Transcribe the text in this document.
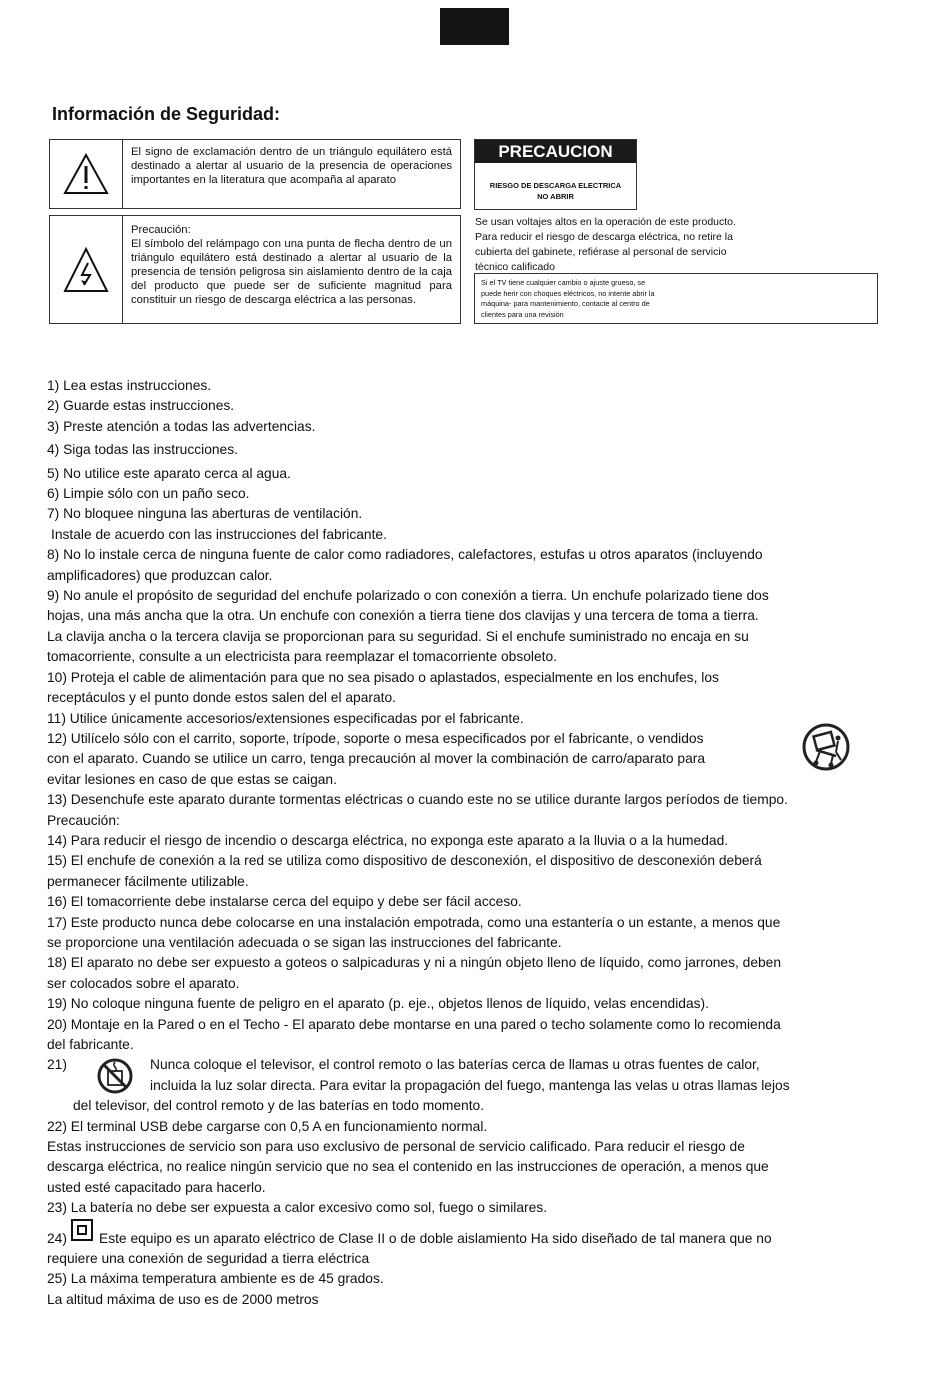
Información de Seguridad:
El signo de exclamación dentro de un triángulo equilátero está destinado a alertar al usuario de la presencia de operaciones importantes en la literatura que acompaña al aparato
Precaución:
El símbolo del relámpago con una punta de flecha dentro de un triángulo equilátero está destinado a alertar al usuario de la presencia de tensión peligrosa sin aislamiento dentro de la caja del producto que puede ser de suficiente magnitud para constituir un riesgo de descarga eléctrica a las personas.
PRECAUCION
RIESGO DE DESCARGA ELECTRICA
NO ABRIR
Se usan voltajes altos en la operación de este producto.
Para reducir el riesgo de descarga eléctrica, no retire la
cubierta del gabinete, refiérase al personal de servicio
técnico calificado
Si el TV tiene cualquier cambio o ajuste grueso, se
puede herir con choques eléctricos, no intente abrir la
máquina- para mantenimiento, contacte al centro de
clientes para una revisión

1) Lea estas instrucciones.

2) Guarde estas instrucciones.

3) Preste atención a todas las advertencias.

4) Siga todas las instrucciones.

5) No utilice este aparato cerca al agua.

6) Limpie sólo con un paño seco.

7) No bloquee ninguna las aberturas de ventilación.

Instale de acuerdo con las instrucciones del fabricante.

8) No lo instale cerca de ninguna fuente de calor como radiadores, calefactores, estufas u otros aparatos (incluyendo

amplificadores) que produzcan calor.

9) No anule el propósito de seguridad del enchufe polarizado o con conexión a tierra. Un enchufe polarizado tiene dos

hojas, una más ancha que la otra. Un enchufe con conexión a tierra tiene dos clavijas y una tercera de toma a tierra.

La clavija ancha o la tercera clavija se proporcionan para su seguridad. Si el enchufe suministrado no encaja en su

tomacorriente, consulte a un electricista para reemplazar el tomacorriente obsoleto.

10) Proteja el cable de alimentación para que no sea pisado o aplastados, especialmente en los enchufes, los

receptáculos y el punto donde estos salen del el aparato.

11) Utilice únicamente accesorios/extensiones especificadas por el fabricante.

12) Utilícelo sólo con el carrito, soporte, trípode, soporte o mesa especificados por el fabricante, o vendidos

con el aparato. Cuando se utilice un carro, tenga precaución al mover la combinación de carro/aparato para

evitar lesiones en caso de que estas se caigan.

13) Desenchufe este aparato durante tormentas eléctricas o cuando este no se utilice durante largos períodos de tiempo.

Precaución:

14) Para reducir el riesgo de incendio o descarga eléctrica, no exponga este aparato a la lluvia o a la humedad.

15) El enchufe de conexión a la red se utiliza como dispositivo de desconexión, el dispositivo de desconexión deberá

permanecer fácilmente utilizable.

16) El tomacorriente debe instalarse cerca del equipo y debe ser fácil acceso.

17) Este producto nunca debe colocarse en una instalación empotrada, como una estantería o un estante, a menos que

se proporcione una ventilación adecuada o se sigan las instrucciones del fabricante.

18) El aparato no debe ser expuesto a goteos o salpicaduras y ni a ningún objeto lleno de líquido, como jarrones, deben

ser colocados sobre el aparato.

19) No coloque ninguna fuente de peligro en el aparato (p. eje., objetos llenos de líquido, velas encendidas).

20) Montaje en la Pared o en el Techo - El aparato debe montarse en una pared o techo solamente como lo recomienda

del fabricante.

21)	Nunca coloque el televisor, el control remoto o las baterías cerca de llamas u otras fuentes de calor,
incluida la luz solar directa. Para evitar la propagación del fuego, mantenga las velas u otras llamas lejos

del televisor, del control remoto y de las baterías en todo momento.

22) El terminal USB debe cargarse con 0,5 A en funcionamiento normal.

Estas instrucciones de servicio son para uso exclusivo de personal de servicio calificado. Para reducir el riesgo de

descarga eléctrica, no realice ningún servicio que no sea el contenido en las instrucciones de operación, a menos que

usted esté capacitado para hacerlo.

23) La batería no debe ser expuesta a calor excesivo como sol, fuego o similares.

24) Este equipo es un aparato eléctrico de Clase II o de doble aislamiento Ha sido diseñado de tal manera que no

requiere una conexión de seguridad a tierra eléctrica

25) La máxima temperatura ambiente es de 45 grados.

La altitud máxima de uso es de 2000 metros
